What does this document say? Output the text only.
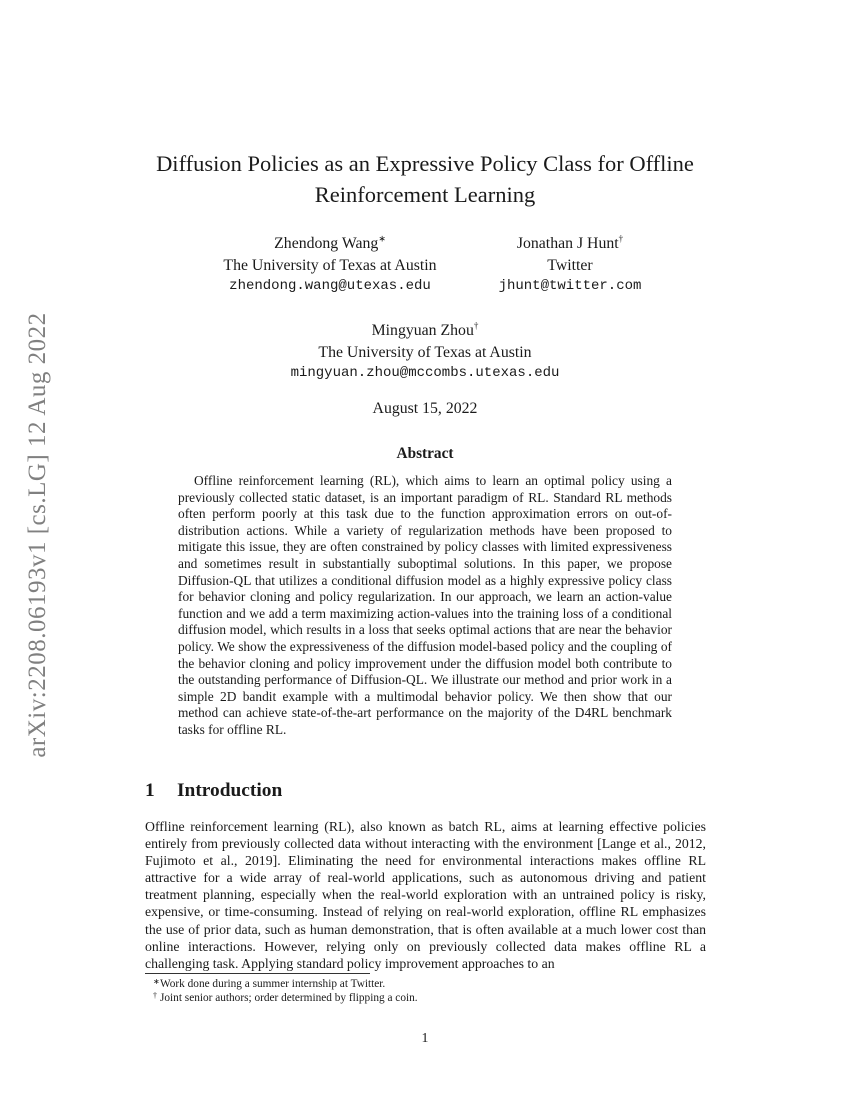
arXiv:2208.06193v1 [cs.LG] 12 Aug 2022
Diffusion Policies as an Expressive Policy Class for Offline Reinforcement Learning
Zhendong Wang∗
The University of Texas at Austin
zhendong.wang@utexas.edu
Jonathan J Hunt†
Twitter
jhunt@twitter.com
Mingyuan Zhou†
The University of Texas at Austin
mingyuan.zhou@mccombs.utexas.edu
August 15, 2022
Abstract

Offline reinforcement learning (RL), which aims to learn an optimal policy using a previously collected static dataset, is an important paradigm of RL. Standard RL methods often perform poorly at this task due to the function approximation errors on out-of-distribution actions. While a variety of regularization methods have been proposed to mitigate this issue, they are often constrained by policy classes with limited expressiveness and sometimes result in substantially suboptimal solutions. In this paper, we propose Diffusion-QL that utilizes a conditional diffusion model as a highly expressive policy class for behavior cloning and policy regularization. In our approach, we learn an action-value function and we add a term maximizing action-values into the training loss of a conditional diffusion model, which results in a loss that seeks optimal actions that are near the behavior policy. We show the expressiveness of the diffusion model-based policy and the coupling of the behavior cloning and policy improvement under the diffusion model both contribute to the outstanding performance of Diffusion-QL. We illustrate our method and prior work in a simple 2D bandit example with a multimodal behavior policy. We then show that our method can achieve state-of-the-art performance on the majority of the D4RL benchmark tasks for offline RL.

1 Introduction

Offline reinforcement learning (RL), also known as batch RL, aims at learning effective policies entirely from previously collected data without interacting with the environment [Lange et al., 2012, Fujimoto et al., 2019]. Eliminating the need for environmental interactions makes offline RL attractive for a wide array of real-world applications, such as autonomous driving and patient treatment planning, especially when the real-world exploration with an untrained policy is risky, expensive, or time-consuming. Instead of relying on real-world exploration, offline RL emphasizes the use of prior data, such as human demonstration, that is often available at a much lower cost than online interactions. However, relying only on previously collected data makes offline RL a challenging task. Applying standard policy improvement approaches to an

∗ Work done during a summer internship at Twitter.
† Joint senior authors; order determined by flipping a coin.
1
